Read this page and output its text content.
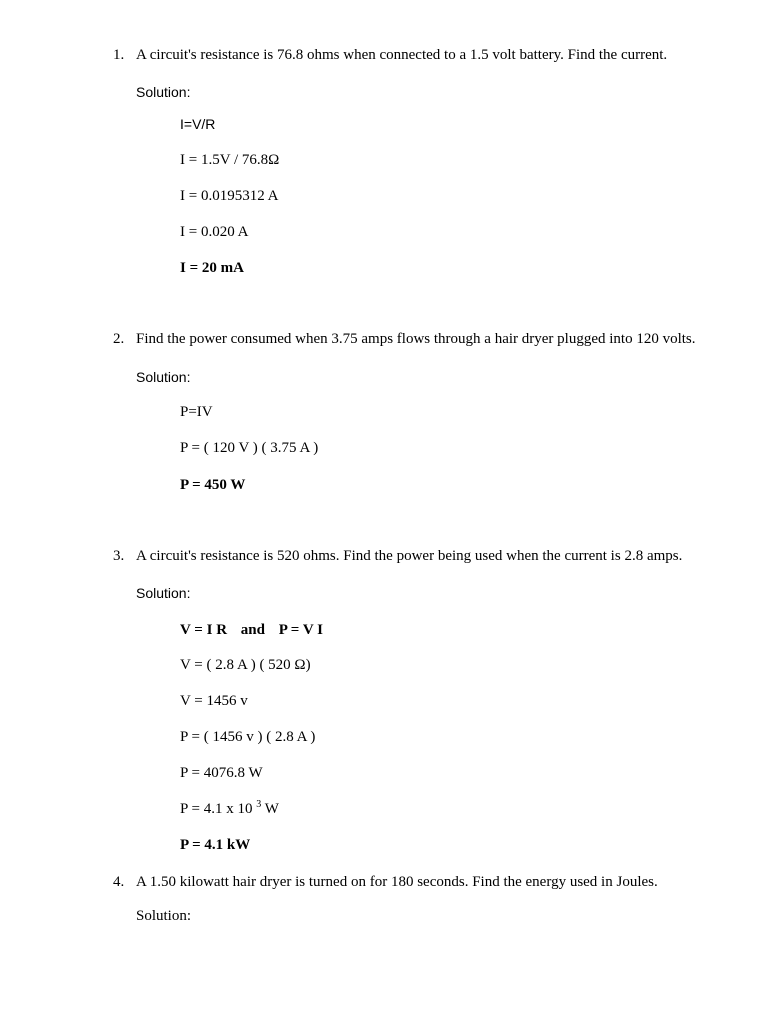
1. A circuit's resistance is 76.8 ohms when connected to a 1.5 volt battery. Find the current.
Solution:
I=V/R
I = 1.5V / 76.8Ω
I = 0.0195312 A
I = 0.020 A
I = 20 mA
2. Find the power consumed when 3.75 amps flows through a hair dryer plugged into 120 volts.
Solution:
P=IV
P = ( 120 V ) ( 3.75 A )
P = 450 W
3. A circuit's resistance is 520 ohms. Find the power being used when the current is 2.8 amps.
Solution:
V = I R and P = V I
V = ( 2.8 A ) ( 520 Ω)
V = 1456 v
P = ( 1456 v ) ( 2.8 A )
P = 4076.8 W
P = 4.1 x 10 $^3$ W
P = 4.1 kW
4. A 1.50 kilowatt hair dryer is turned on for 180 seconds. Find the energy used in Joules.
Solution:
